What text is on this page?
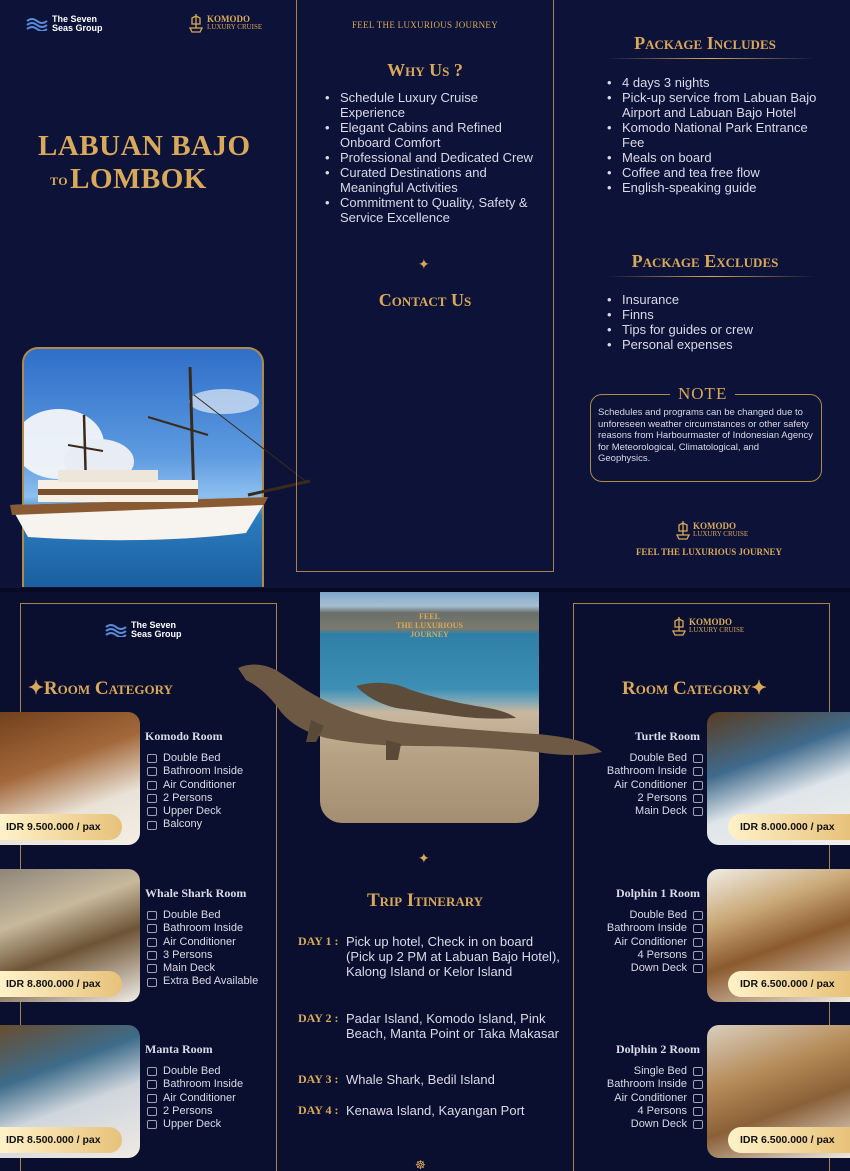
The Seven
Seas Group
KOMODO
LUXURY CRUISE
LABUAN BAJO
TOLOMBOK
FEEL THE LUXURIOUS JOURNEY
Why Us ?
• Schedule Luxury Cruise Experience
• Elegant Cabins and Refined Onboard Comfort
• Professional and Dedicated Crew
• Curated Destinations and Meaningful Activities
• Commitment to Quality, Safety & Service Excellence
✦
Contact Us
Package Includes
• 4 days 3 nights
• Pick-up service from Labuan Bajo Airport and Labuan Bajo Hotel
• Komodo National Park Entrance Fee
• Meals on board
• Coffee and tea free flow
• English-speaking guide
Package Excludes
• Insurance
• Finns
• Tips for guides or crew
• Personal expenses
Schedules and programs can be changed due to unforeseen weather circumstances or other safety reasons from Harbourmaster of Indonesian Agency for Meteorological, Climatological, and Geophysics.
NOTE
KOMODO
LUXURY CRUISE
FEEL THE LUXURIOUS JOURNEY
The Seven
Seas Group
KOMODO
LUXURY CRUISE
✦Room Category	Room Category✦
FEEL
THE LUXURIOUS
JOURNEY
✦
Trip Itinerary
DAY 1 : Pick up hotel, Check in on board (Pick up 2 PM at Labuan Bajo Hotel), Kalong Island or Kelor Island
DAY 2 : Padar Island, Komodo Island, Pink Beach, Manta Point or Taka Makasar
DAY 3 : Whale Shark, Bedil Island
DAY 4 : Kenawa Island, Kayangan Port
☸
IDR 9.500.000 / pax
Komodo Room
Double Bed
Bathroom Inside
Air Conditioner
2 Persons
Upper Deck
Balcony
IDR 8.800.000 / pax
Whale Shark Room
Double Bed
Bathroom Inside
Air Conditioner
3 Persons
Main Deck
Extra Bed Available
IDR 8.500.000 / pax
Manta Room
Double Bed
Bathroom Inside
Air Conditioner
2 Persons
Upper Deck
IDR 8.000.000 / pax
Turtle Room
Double Bed
Bathroom Inside
Air Conditioner
2 Persons
Main Deck
IDR 6.500.000 / pax
Dolphin 1 Room
Double Bed
Bathroom Inside
Air Conditioner
4 Persons
Down Deck
IDR 6.500.000 / pax
Dolphin 2 Room
Single Bed
Bathroom Inside
Air Conditioner
4 Persons
Down Deck
